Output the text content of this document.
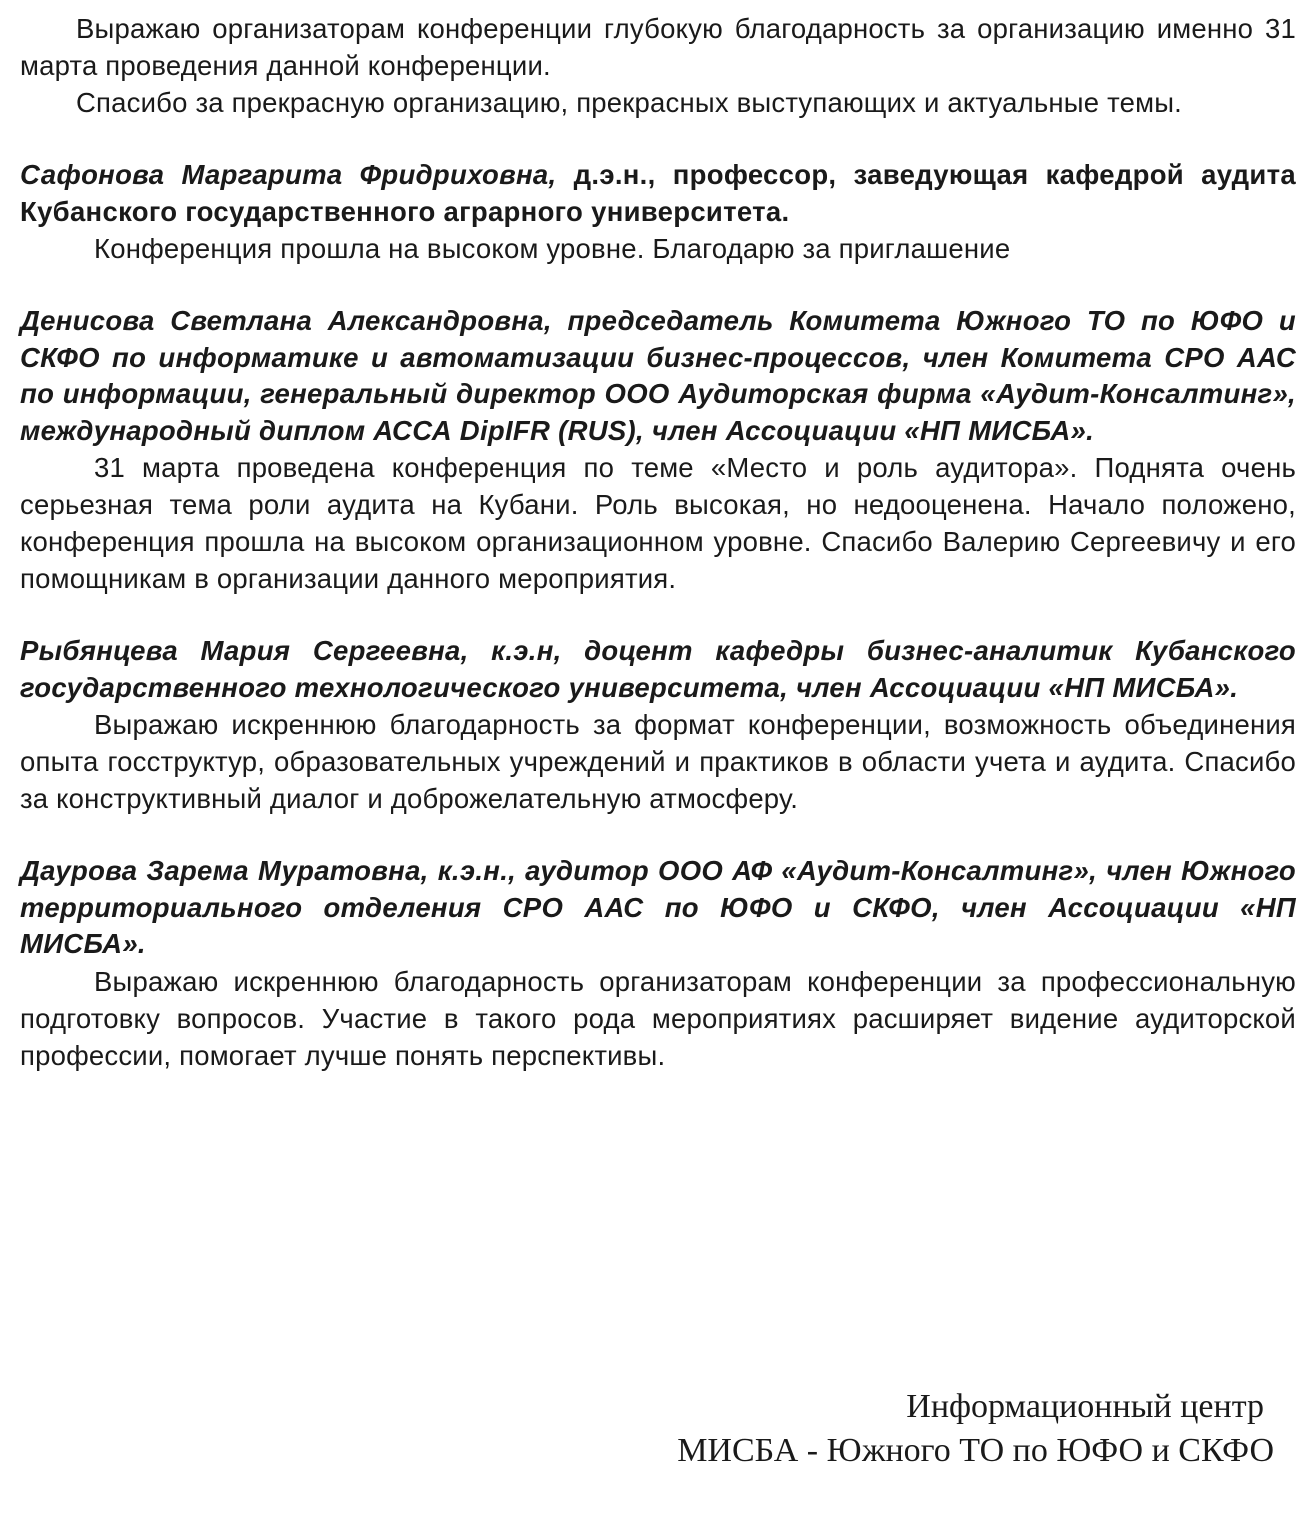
Выражаю организаторам конференции глубокую благодарность за организацию именно 31 марта проведения данной конференции.

Спасибо за прекрасную организацию, прекрасных выступающих и актуальные темы.

Сафонова Маргарита Фридриховна, д.э.н., профессор, заведующая кафедрой аудита Кубанского государственного аграрного университета.

Конференция прошла на высоком уровне. Благодарю за приглашение

Денисова Светлана Александровна, председатель Комитета Южного ТО по ЮФО и СКФО по информатике и автоматизации бизнес-процессов, член Комитета СРО ААС по информации, генеральный директор ООО Аудиторская фирма «Аудит-Консалтинг», международный диплом АССА DipIFR (RUS), член Ассоциации «НП МИСБА».

31 марта проведена конференция по теме «Место и роль аудитора». Поднята очень серьезная тема роли аудита на Кубани. Роль высокая, но недооценена. Начало положено, конференция прошла на высоком организационном уровне. Спасибо Валерию Сергеевичу и его помощникам в организации данного мероприятия.

Рыбянцева Мария Сергеевна, к.э.н, доцент кафедры бизнес-аналитик Кубанского государственного технологического университета, член Ассоциации «НП МИСБА».

Выражаю искреннюю благодарность за формат конференции, возможность объединения опыта госструктур, образовательных учреждений и практиков в области учета и аудита. Спасибо за конструктивный диалог и доброжелательную атмосферу.

Даурова Зарема Муратовна, к.э.н., аудитор ООО АФ «Аудит-Консалтинг», член Южного территориального отделения СРО ААС по ЮФО и СКФО, член Ассоциации «НП МИСБА».

Выражаю искреннюю благодарность организаторам конференции за профессиональную подготовку вопросов. Участие в такого рода мероприятиях расширяет видение аудиторской профессии, помогает лучше понять перспективы.

Информационный центр
МИСБА - Южного ТО по ЮФО и СКФО
